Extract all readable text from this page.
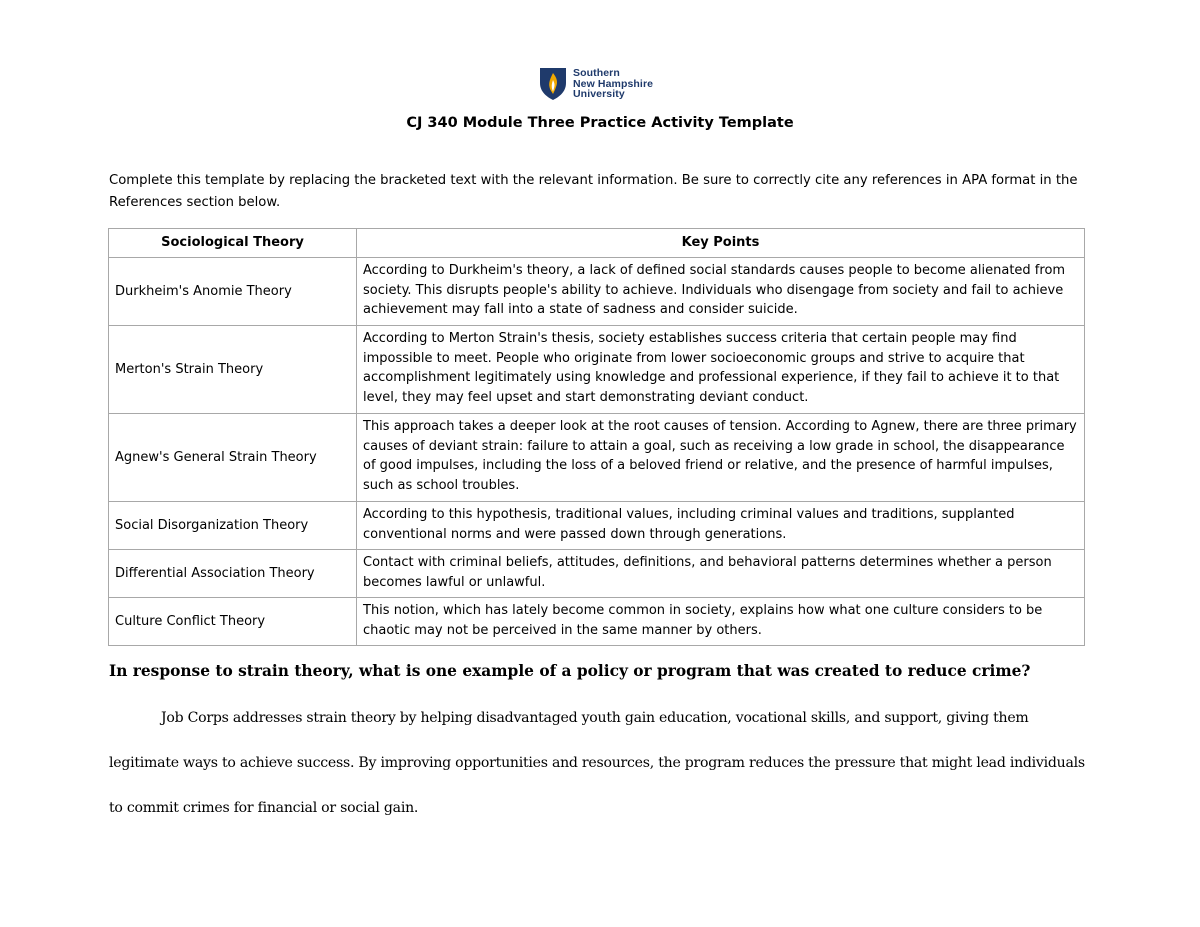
Southern
New Hampshire
University
CJ 340 Module Three Practice Activity Template
Complete this template by replacing the bracketed text with the relevant information. Be sure to correctly cite any references in APA format in the References section below.
Sociological Theory	Key Points
Durkheim's Anomie Theory	According to Durkheim's theory, a lack of defined social standards causes people to become alienated from society. This disrupts people's ability to achieve. Individuals who disengage from society and fail to achieve achievement may fall into a state of sadness and consider suicide.
Merton's Strain Theory	According to Merton Strain's thesis, society establishes success criteria that certain people may find impossible to meet. People who originate from lower socioeconomic groups and strive to acquire that accomplishment legitimately using knowledge and professional experience, if they fail to achieve it to that level, they may feel upset and start demonstrating deviant conduct.
Agnew's General Strain Theory	This approach takes a deeper look at the root causes of tension. According to Agnew, there are three primary causes of deviant strain: failure to attain a goal, such as receiving a low grade in school, the disappearance of good impulses, including the loss of a beloved friend or relative, and the presence of harmful impulses, such as school troubles.
Social Disorganization Theory	According to this hypothesis, traditional values, including criminal values and traditions, supplanted conventional norms and were passed down through generations.
Differential Association Theory	Contact with criminal beliefs, attitudes, definitions, and behavioral patterns determines whether a person becomes lawful or unlawful.
Culture Conflict Theory	This notion, which has lately become common in society, explains how what one culture considers to be chaotic may not be perceived in the same manner by others.
In response to strain theory, what is one example of a policy or program that was created to reduce crime?
Job Corps addresses strain theory by helping disadvantaged youth gain education, vocational skills, and support, giving them legitimate ways to achieve success. By improving opportunities and resources, the program reduces the pressure that might lead individuals to commit crimes for financial or social gain.
